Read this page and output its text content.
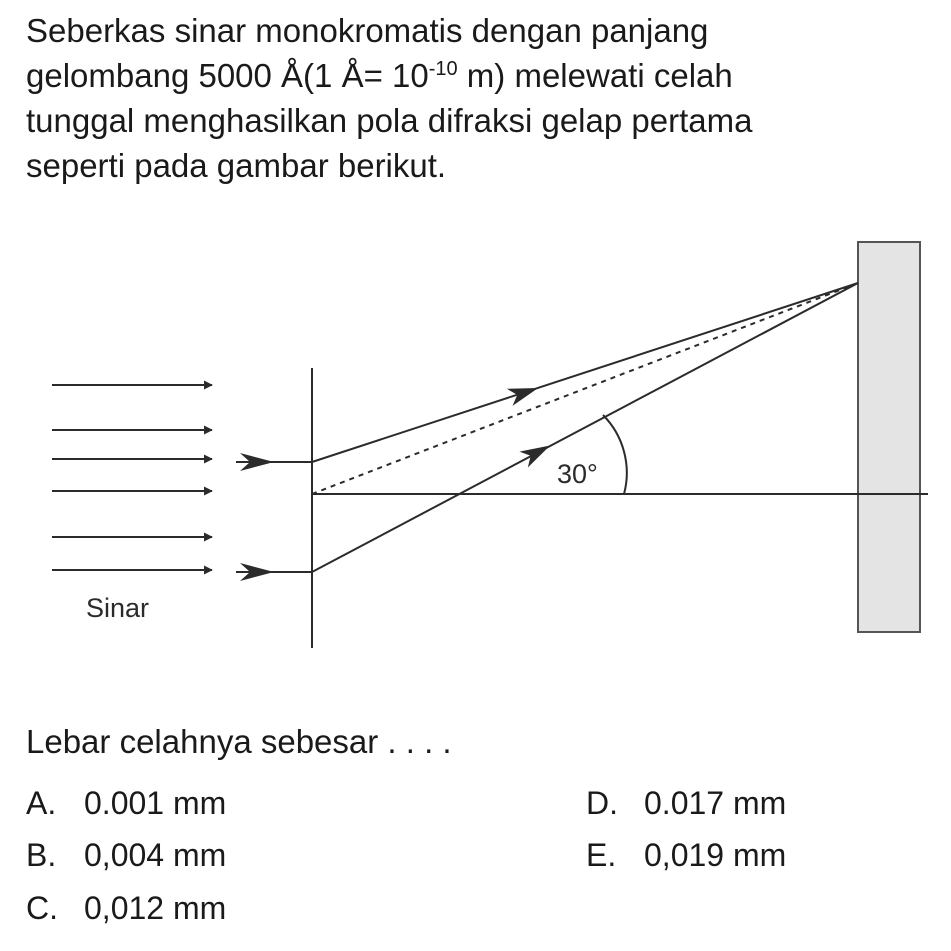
Seberkas sinar monokromatis dengan panjang
gelombang 5000 Å(1 Å= $10^{-10}$ m) melewati celah
tunggal menghasilkan pola difraksi gelap pertama
seperti pada gambar berikut.

Sinar
30°

Lebar celahnya sebesar . . . .

A. 0.001 mm
B. 0,004 mm
C. 0,012 mm
D. 0.017 mm
E. 0,019 mm
